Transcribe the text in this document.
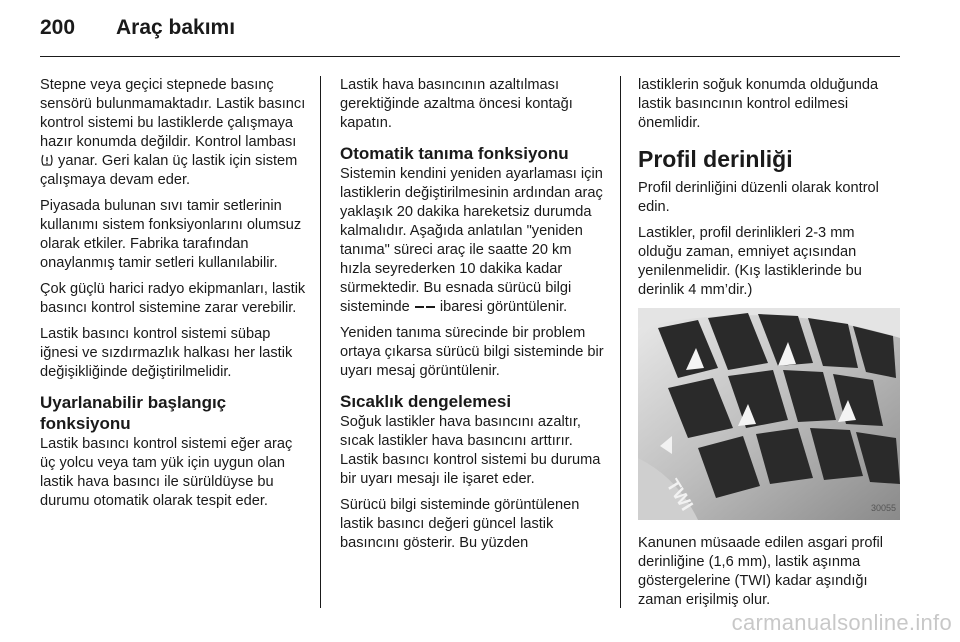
200	Araç bakımı

Stepne veya geçici stepnede basınç sensörü bulunmamaktadır. Lastik basıncı kontrol sistemi bu lastiklerde çalışmaya hazır konumda değildir. Kontrol lambası  yanar. Geri kalan üç lastik için sistem çalışmaya devam eder.

Piyasada bulunan sıvı tamir setlerinin kullanımı sistem fonksiyonlarını olumsuz olarak etkiler. Fabrika tarafından onaylanmış tamir setleri kullanılabilir.

Çok güçlü harici radyo ekipmanları, lastik basıncı kontrol sistemine zarar verebilir.

Lastik basıncı kontrol sistemi sübap iğnesi ve sızdırmazlık halkası her lastik değişikliğinde değiştirilmelidir.

Uyarlanabilir başlangıç fonksiyonu

Lastik basıncı kontrol sistemi eğer araç üç yolcu veya tam yük için uygun olan lastik hava basıncı ile sürüldüyse bu durumu otomatik olarak tespit eder.

Lastik hava basıncının azaltılması gerektiğinde azaltma öncesi kontağı kapatın.

Otomatik tanıma fonksiyonu

Sistemin kendini yeniden ayarlaması için lastiklerin değiştirilmesinin ardından araç yaklaşık 20 dakika hareketsiz durumda kalmalıdır. Aşağıda anlatılan "yeniden tanıma" süreci araç ile saatte 20 km hızla seyrederken 10 dakika kadar sürmektedir. Bu esnada sürücü bilgi sisteminde  ibaresi görüntülenir.

Yeniden tanıma sürecinde bir problem ortaya çıkarsa sürücü bilgi sisteminde bir uyarı mesaj görüntülenir.

Sıcaklık dengelemesi

Soğuk lastikler hava basıncını azaltır, sıcak lastikler hava basıncını arttırır. Lastik basıncı kontrol sistemi bu duruma bir uyarı mesajı ile işaret eder.

Sürücü bilgi sisteminde görüntülenen lastik basıncı değeri güncel lastik basıncını gösterir. Bu yüzden

lastiklerin soğuk konumda olduğunda lastik basıncının kontrol edilmesi önemlidir.

Profil derinliği

Profil derinliğini düzenli olarak kontrol edin.

Lastikler, profil derinlikleri 2-3 mm olduğu zaman, emniyet açısından yenilenmelidir. (Kış lastiklerinde bu derinlik 4 mm’dir.)

TWI	30055

Kanunen müsaade edilen asgari profil derinliğine (1,6 mm), lastik aşınma göstergelerine (TWI) kadar aşındığı zaman erişilmiş olur.

carmanualsonline.info
